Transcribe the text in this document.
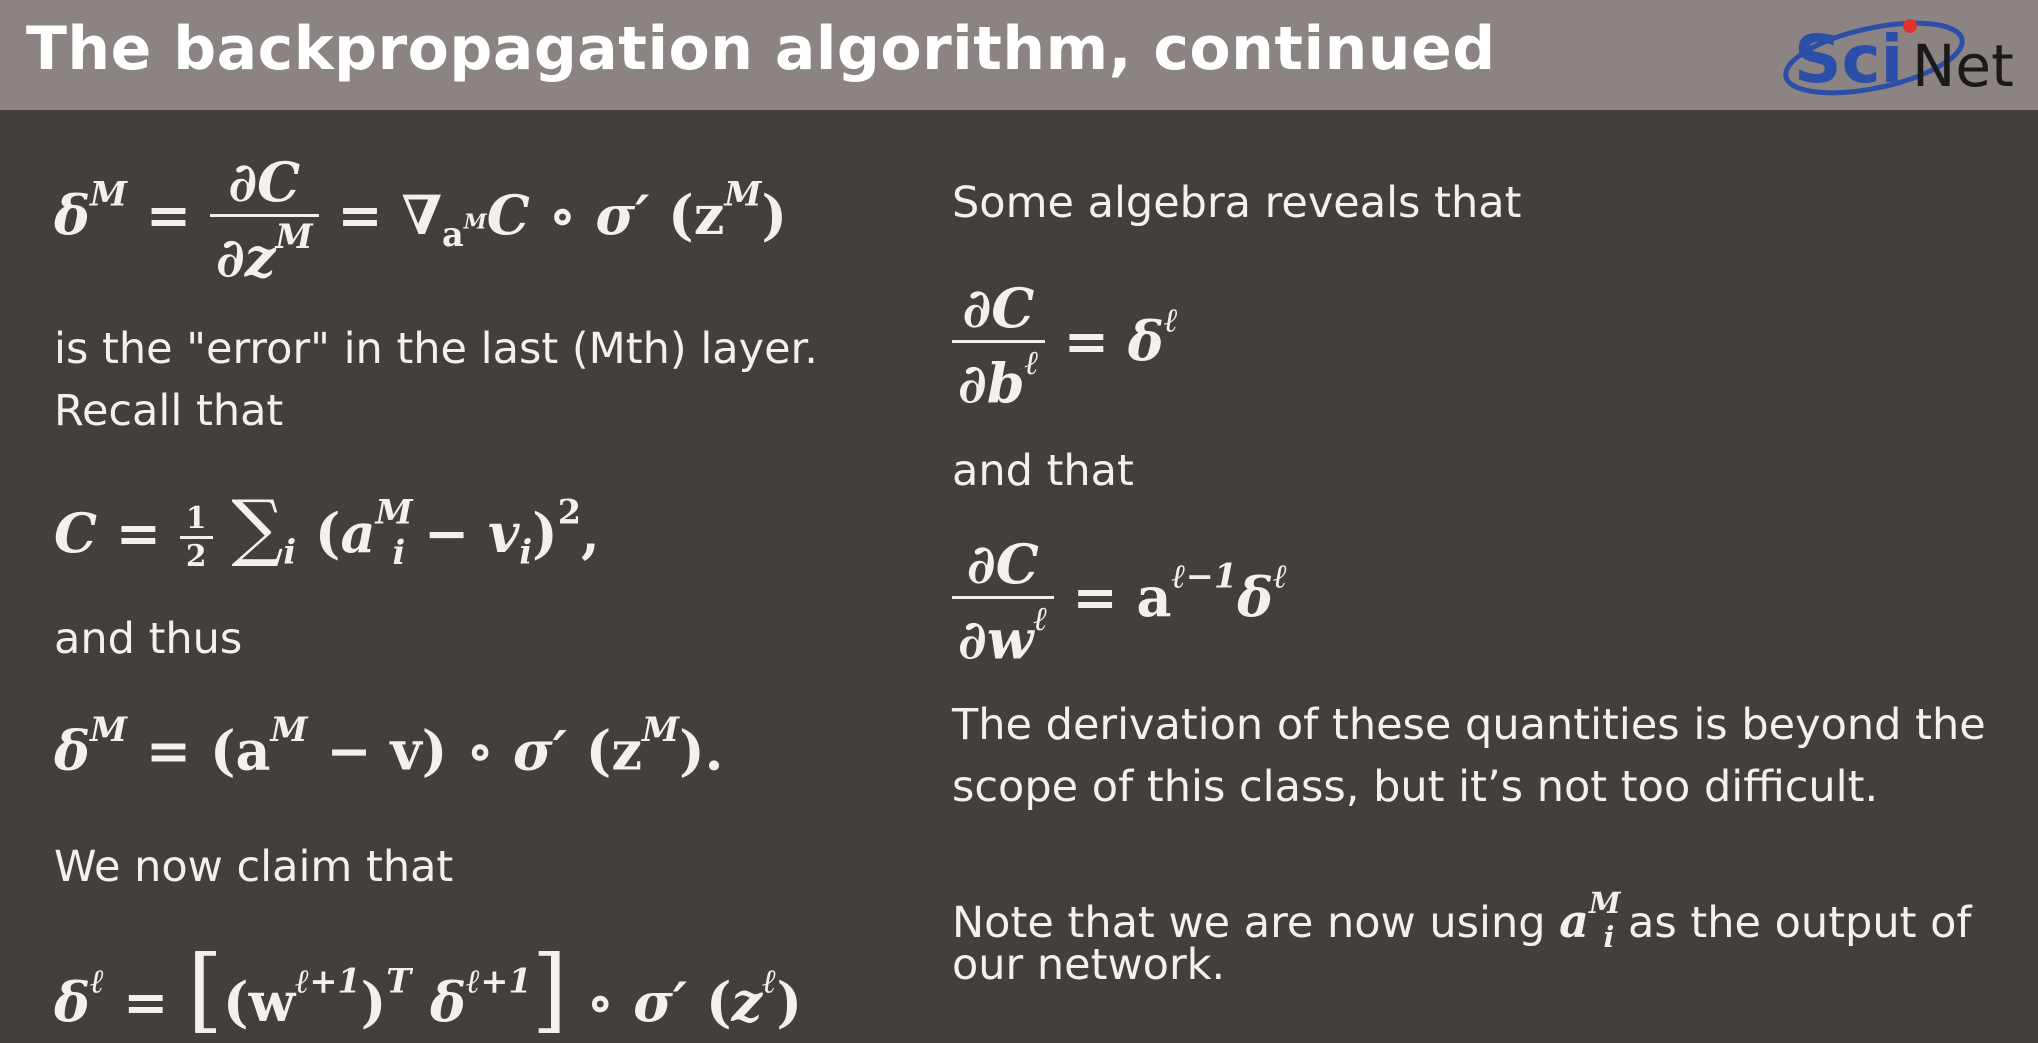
The backpropagation algorithm, continued	Sci Net
$\delta^M = \frac{\partial C}{\partial z^M} = \nabla_{a^M}C$ ∘ σ′ $(z^M)$
is the "error" in the last (Mth) layer.
Recall that
$C = \frac{1}{2} \sum_i$ $(a^M_i - v_i)^2$,
and thus
$\delta^M = (a^M - v)$ ∘ σ′ $(z^M)$.
We now claim that
$\delta^\ell = [(w^{\ell+1})^T$ $\delta^{\ell+1}$] ∘ σ′ $(z^\ell)$
Some algebra reveals that
$\frac{\partial C}{\partial b^\ell} = \delta^\ell$
and that
$\frac{\partial C}{\partial w^\ell} = a^{\ell-1}\delta^\ell$
The derivation of these quantities is beyond the
scope of this class, but it’s not too difficult.
Note that we are now using $a^M_i$ as the output of
our network.
